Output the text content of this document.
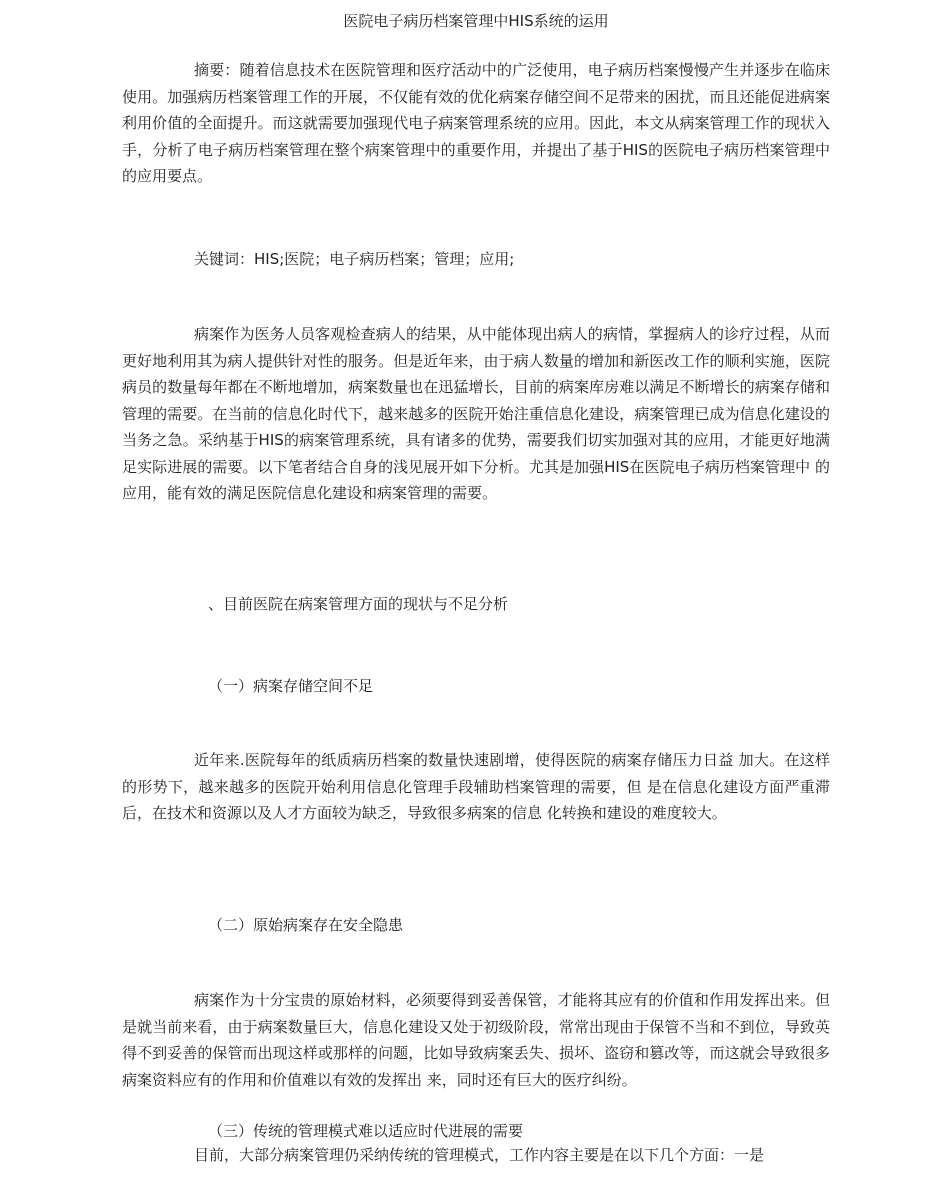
医院电子病历档案管理中HIS系统的运用
摘要：随着信息技术在医院管理和医疗活动中的广泛使用，电子病历档案慢慢产生并逐步在临床使用。加强病历档案管理工作的开展，不仅能有效的优化病案存储空间不足带来的困扰，而且还能促进病案利用价值的全面提升。而这就需要加强现代电子病案管理系统的应用。因此，本文从病案管理工作的现状入手，分析了电子病历档案管理在整个病案管理中的重要作用，并提出了基于HIS的医院电子病历档案管理中的应用要点。
关键词：HIS;医院；电子病历档案；管理；应用;
病案作为医务人员客观检查病人的结果，从中能体现出病人的病情，掌握病人的诊疗过程，从而更好地利用其为病人提供针对性的服务。但是近年来，由于病人数量的增加和新医改工作的顺利实施，医院病员的数量每年都在不断地增加，病案数量也在迅猛增长，目前的病案库房难以满足不断增长的病案存储和管理的需要。在当前的信息化时代下，越来越多的医院开始注重信息化建设，病案管理已成为信息化建设的当务之急。采纳基于HIS的病案管理系统，具有诸多的优势，需要我们切实加强对其的应用，才能更好地满足实际进展的需要。以下笔者结合自身的浅见展开如下分析。尤其是加强HIS在医院电子病历档案管理中 的应用，能有效的满足医院信息化建设和病案管理的需要。
、目前医院在病案管理方面的现状与不足分析
（一）病案存储空间不足
近年来.医院每年的纸质病历档案的数量快速剧增，使得医院的病案存储压力日益 加大。在这样的形势下，越来越多的医院开始利用信息化管理手段辅助档案管理的需要，但 是在信息化建设方面严重滞后，在技术和资源以及人才方面较为缺乏，导致很多病案的信息 化转换和建设的难度较大。
（二）原始病案存在安全隐患
病案作为十分宝贵的原始材料，必须要得到妥善保管，才能将其应有的价值和作用发挥出来。但是就当前来看，由于病案数量巨大，信息化建设又处于初级阶段，常常出现由于保管不当和不到位，导致英得不到妥善的保管而出现这样或那样的问题，比如导致病案丢失、损坏、盗窃和篡改等，而这就会导致很多病案资料应有的作用和价值难以有效的发挥出 来，同时还有巨大的医疗纠纷。
（三）传统的管理模式难以适应时代进展的需要
目前，大部分病案管理仍采纳传统的管理模式，工作内容主要是在以下几个方面：一是
